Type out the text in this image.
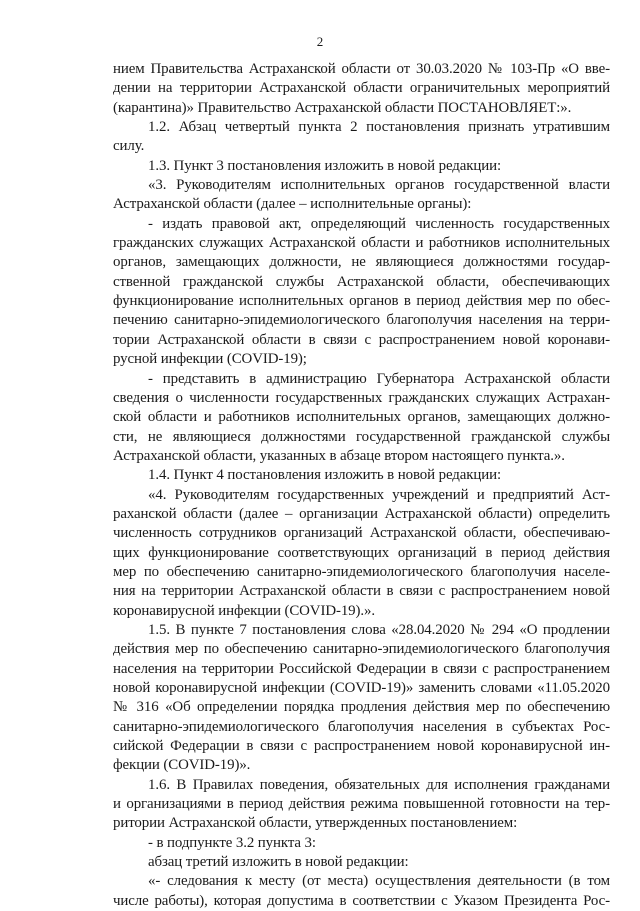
2
нием Правительства Астраханской области от 30.03.2020 № 103-Пр «О вве-
дении на территории Астраханской области ограничительных мероприятий
(карантина)» Правительство Астраханской области ПОСТАНОВЛЯЕТ:».
1.2. Абзац четвертый пункта 2 постановления признать утратившим
силу.
1.3. Пункт 3 постановления изложить в новой редакции:
«3. Руководителям исполнительных органов государственной власти
Астраханской области (далее – исполнительные органы):
- издать правовой акт, определяющий численность государственных
гражданских служащих Астраханской области и работников исполнительных
органов, замещающих должности, не являющиеся должностями государ-
ственной гражданской службы Астраханской области, обеспечивающих
функционирование исполнительных органов в период действия мер по обес-
печению санитарно-эпидемиологического благополучия населения на терри-
тории Астраханской области в связи с распространением новой коронави-
русной инфекции (COVID-19);
- представить в администрацию Губернатора Астраханской области
сведения о численности государственных гражданских служащих Астрахан-
ской области и работников исполнительных органов, замещающих должно-
сти, не являющиеся должностями государственной гражданской службы
Астраханской области, указанных в абзаце втором настоящего пункта.».
1.4. Пункт 4 постановления изложить в новой редакции:
«4. Руководителям государственных учреждений и предприятий Аст-
раханской области (далее – организации Астраханской области) определить
численность сотрудников организаций Астраханской области, обеспечиваю-
щих функционирование соответствующих организаций в период действия
мер по обеспечению санитарно-эпидемиологического благополучия населе-
ния на территории Астраханской области в связи с распространением новой
коронавирусной инфекции (COVID-19).».
1.5. В пункте 7 постановления слова «28.04.2020 № 294 «О продлении
действия мер по обеспечению санитарно-эпидемиологического благополучия
населения на территории Российской Федерации в связи с распространением
новой коронавирусной инфекции (COVID-19)» заменить словами «11.05.2020
№ 316 «Об определении порядка продления действия мер по обеспечению
санитарно-эпидемиологического благополучия населения в субъектах Рос-
сийской Федерации в связи с распространением новой коронавирусной ин-
фекции (COVID-19)».
1.6. В Правилах поведения, обязательных для исполнения гражданами
и организациями в период действия режима повышенной готовности на тер-
ритории Астраханской области, утвержденных постановлением:
- в подпункте 3.2 пункта 3:
абзац третий изложить в новой редакции:
«- следования к месту (от места) осуществления деятельности (в том
числе работы), которая допустима в соответствии с Указом Президента Рос-
